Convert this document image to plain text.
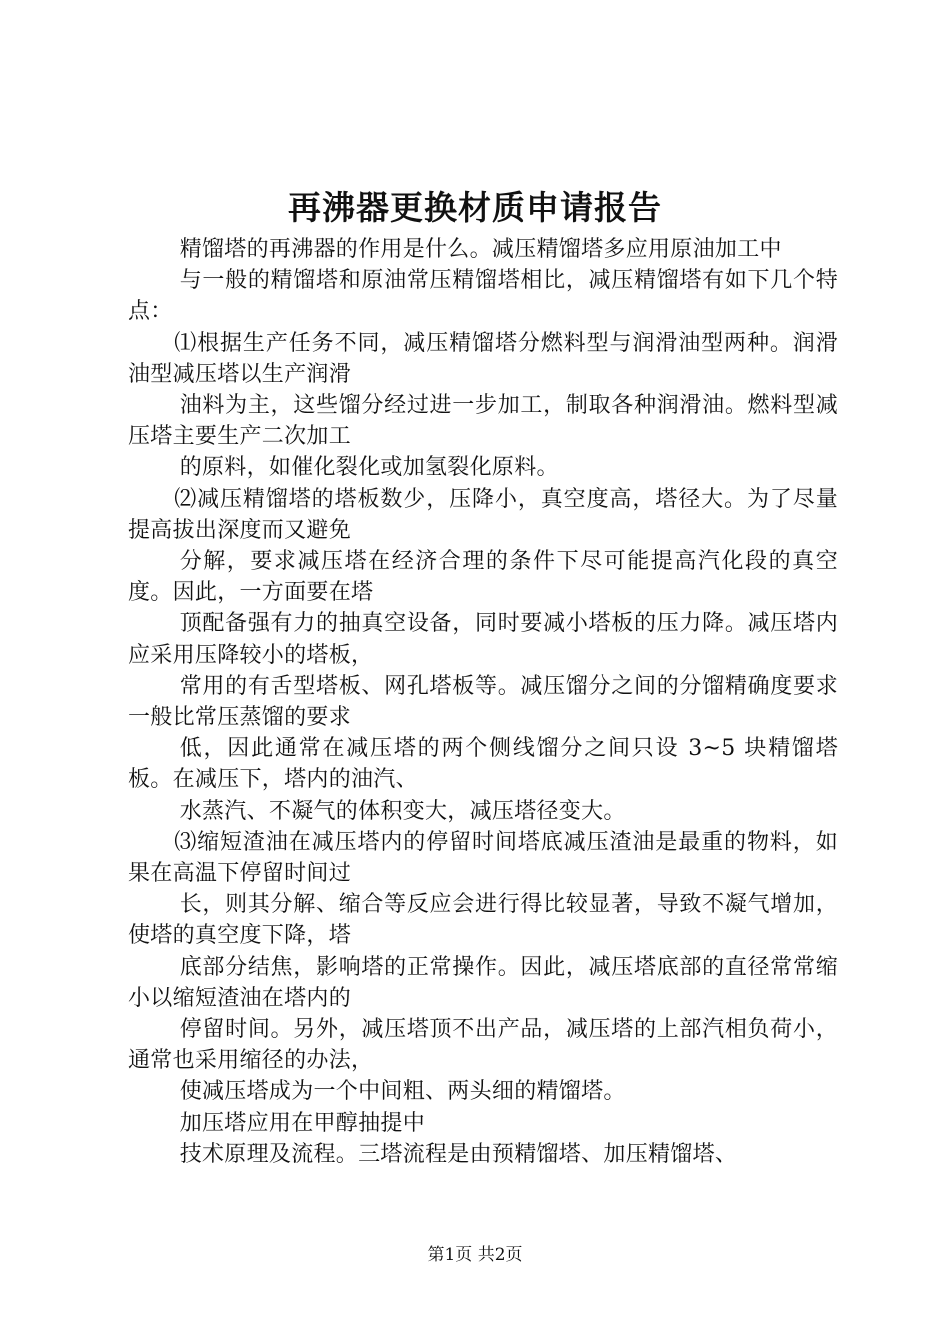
再沸器更换材质申请报告

精馏塔的再沸器的作用是什么。减压精馏塔多应用原油加工中

与一般的精馏塔和原油常压精馏塔相比，减压精馏塔有如下几个特点：

⑴根据生产任务不同，减压精馏塔分燃料型与润滑油型两种。润滑油型减压塔以生产润滑

油料为主，这些馏分经过进一步加工，制取各种润滑油。燃料型减压塔主要生产二次加工

的原料，如催化裂化或加氢裂化原料。

⑵减压精馏塔的塔板数少，压降小，真空度高，塔径大。为了尽量提高拔出深度而又避免

分解，要求减压塔在经济合理的条件下尽可能提高汽化段的真空度。因此，一方面要在塔

顶配备强有力的抽真空设备，同时要减小塔板的压力降。减压塔内应采用压降较小的塔板，

常用的有舌型塔板、网孔塔板等。减压馏分之间的分馏精确度要求一般比常压蒸馏的要求

低，因此通常在减压塔的两个侧线馏分之间只设 3~5 块精馏塔板。在减压下，塔内的油汽、

水蒸汽、不凝气的体积变大，减压塔径变大。

⑶缩短渣油在减压塔内的停留时间塔底减压渣油是最重的物料，如果在高温下停留时间过

长，则其分解、缩合等反应会进行得比较显著，导致不凝气增加，使塔的真空度下降，塔

底部分结焦，影响塔的正常操作。因此，减压塔底部的直径常常缩小以缩短渣油在塔内的

停留时间。另外，减压塔顶不出产品，减压塔的上部汽相负荷小，通常也采用缩径的办法，

使减压塔成为一个中间粗、两头细的精馏塔。

加压塔应用在甲醇抽提中

技术原理及流程。三塔流程是由预精馏塔、加压精馏塔、

第1页 共2页
